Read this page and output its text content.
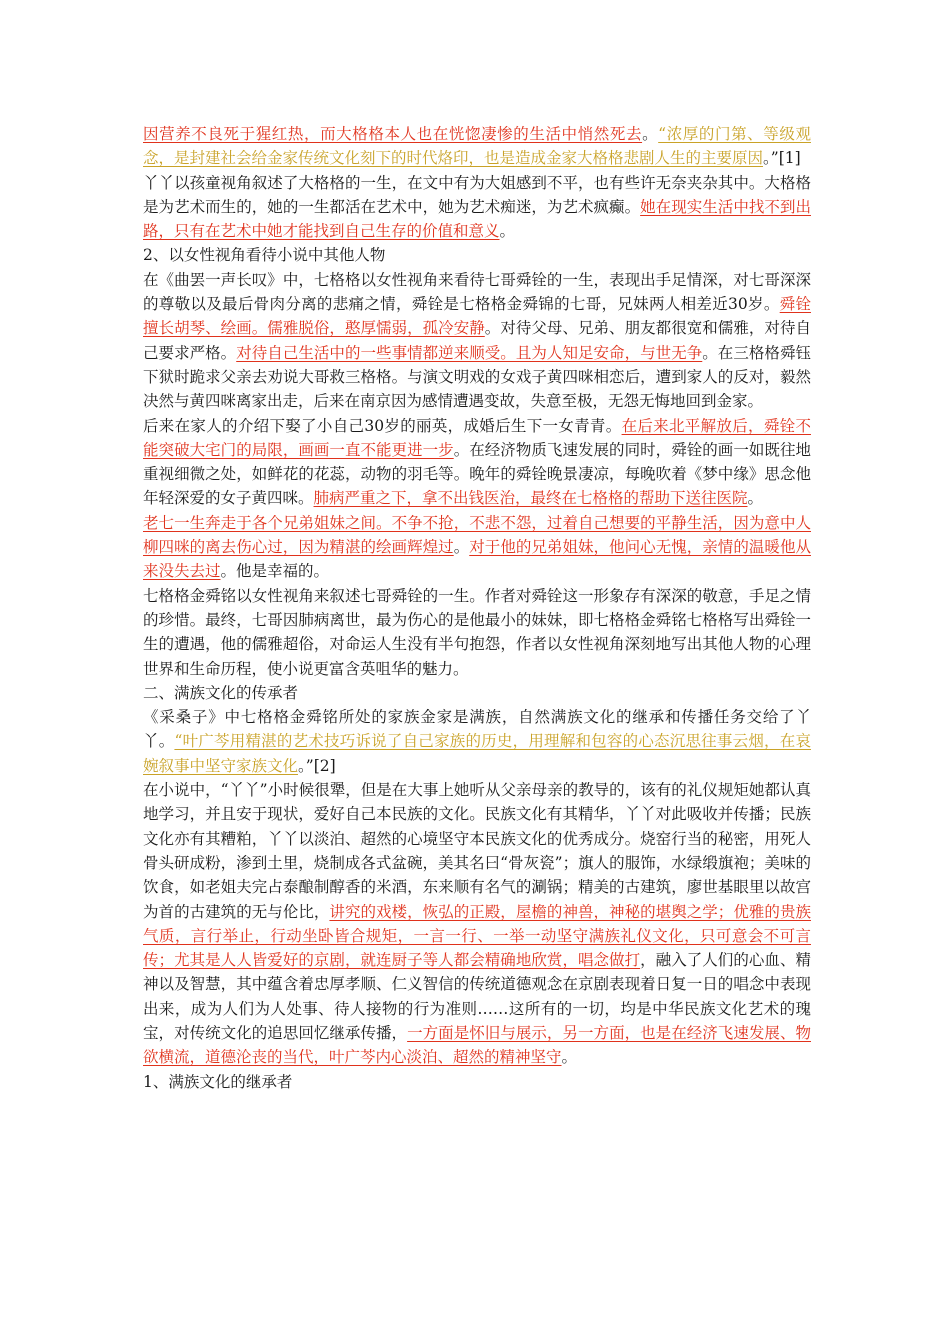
因营养不良死于猩红热，而大格格本人也在恍惚凄惨的生活中悄然死去。“浓厚的门第、等级观念，是封建社会给金家传统文化刻下的时代烙印，也是造成金家大格格悲剧人生的主要原因。”[1]

丫丫以孩童视角叙述了大格格的一生，在文中有为大姐感到不平，也有些许无奈夹杂其中。大格格是为艺术而生的，她的一生都活在艺术中，她为艺术痴迷，为艺术疯癫。她在现实生活中找不到出路，只有在艺术中她才能找到自己生存的价值和意义。

2、以女性视角看待小说中其他人物

在《曲罢一声长叹》中，七格格以女性视角来看待七哥舜铨的一生，表现出手足情深，对七哥深深的尊敬以及最后骨肉分离的悲痛之情，舜铨是七格格金舜锦的七哥，兄妹两人相差近30岁。舜铨擅长胡琴、绘画。儒雅脱俗，憨厚懦弱，孤冷安静。对待父母、兄弟、朋友都很宽和儒雅，对待自己要求严格。对待自己生活中的一些事情都逆来顺受。且为人知足安命，与世无争。在三格格舜钰下狱时跪求父亲去劝说大哥救三格格。与演文明戏的女戏子黄四咪相恋后，遭到家人的反对，毅然决然与黄四咪离家出走，后来在南京因为感情遭遇变故，失意至极，无怨无悔地回到金家。

后来在家人的介绍下娶了小自己30岁的丽英，成婚后生下一女青青。在后来北平解放后，舜铨不能突破大宅门的局限，画画一直不能更进一步。在经济物质飞速发展的同时，舜铨的画一如既往地重视细微之处，如鲜花的花蕊，动物的羽毛等。晚年的舜铨晚景凄凉，每晚吹着《梦中缘》思念他年轻深爱的女子黄四咪。肺病严重之下，拿不出钱医治，最终在七格格的帮助下送往医院。

老七一生奔走于各个兄弟姐妹之间。不争不抢，不悲不怨，过着自己想要的平静生活，因为意中人柳四咪的离去伤心过，因为精湛的绘画辉煌过。对于他的兄弟姐妹，他问心无愧，亲情的温暖他从来没失去过。他是幸福的。

七格格金舜铭以女性视角来叙述七哥舜铨的一生。作者对舜铨这一形象存有深深的敬意，手足之情的珍惜。最终，七哥因肺病离世，最为伤心的是他最小的妹妹，即七格格金舜铭七格格写出舜铨一生的遭遇，他的儒雅超俗，对命运人生没有半句抱怨，作者以女性视角深刻地写出其他人物的心理世界和生命历程，使小说更富含英咀华的魅力。

二、满族文化的传承者

《采桑子》中七格格金舜铭所处的家族金家是满族，自然满族文化的继承和传播任务交给了丫丫。“叶广芩用精湛的艺术技巧诉说了自己家族的历史，用理解和包容的心态沉思往事云烟，在哀婉叙事中坚守家族文化。”[2]

在小说中，“丫丫”小时候很犟，但是在大事上她听从父亲母亲的教导的，该有的礼仪规矩她都认真地学习，并且安于现状，爱好自己本民族的文化。民族文化有其精华，丫丫对此吸收并传播；民族文化亦有其糟粕，丫丫以淡泊、超然的心境坚守本民族文化的优秀成分。烧窑行当的秘密，用死人骨头研成粉，渗到土里，烧制成各式盆碗，美其名曰“骨灰瓷”；旗人的服饰，水绿缎旗袍；美味的饮食，如老姐夫完占泰酿制醇香的米酒，东来顺有名气的涮锅；精美的古建筑，廖世基眼里以故宫为首的古建筑的无与伦比，讲究的戏楼，恢弘的正殿，屋檐的神兽，神秘的堪舆之学；优雅的贵族气质，言行举止，行动坐卧皆合规矩，一言一行、一举一动坚守满族礼仪文化，只可意会不可言传；尤其是人人皆爱好的京剧，就连厨子等人都会精确地欣赏，唱念做打，融入了人们的心血、精神以及智慧，其中蕴含着忠厚孝顺、仁义智信的传统道德观念在京剧表现着日复一日的唱念中表现出来，成为人们为人处事、待人接物的行为准则……这所有的一切，均是中华民族文化艺术的瑰宝，对传统文化的追思回忆继承传播，一方面是怀旧与展示，另一方面，也是在经济飞速发展、物欲横流，道德沦丧的当代，叶广芩内心淡泊、超然的精神坚守。

1、满族文化的继承者
